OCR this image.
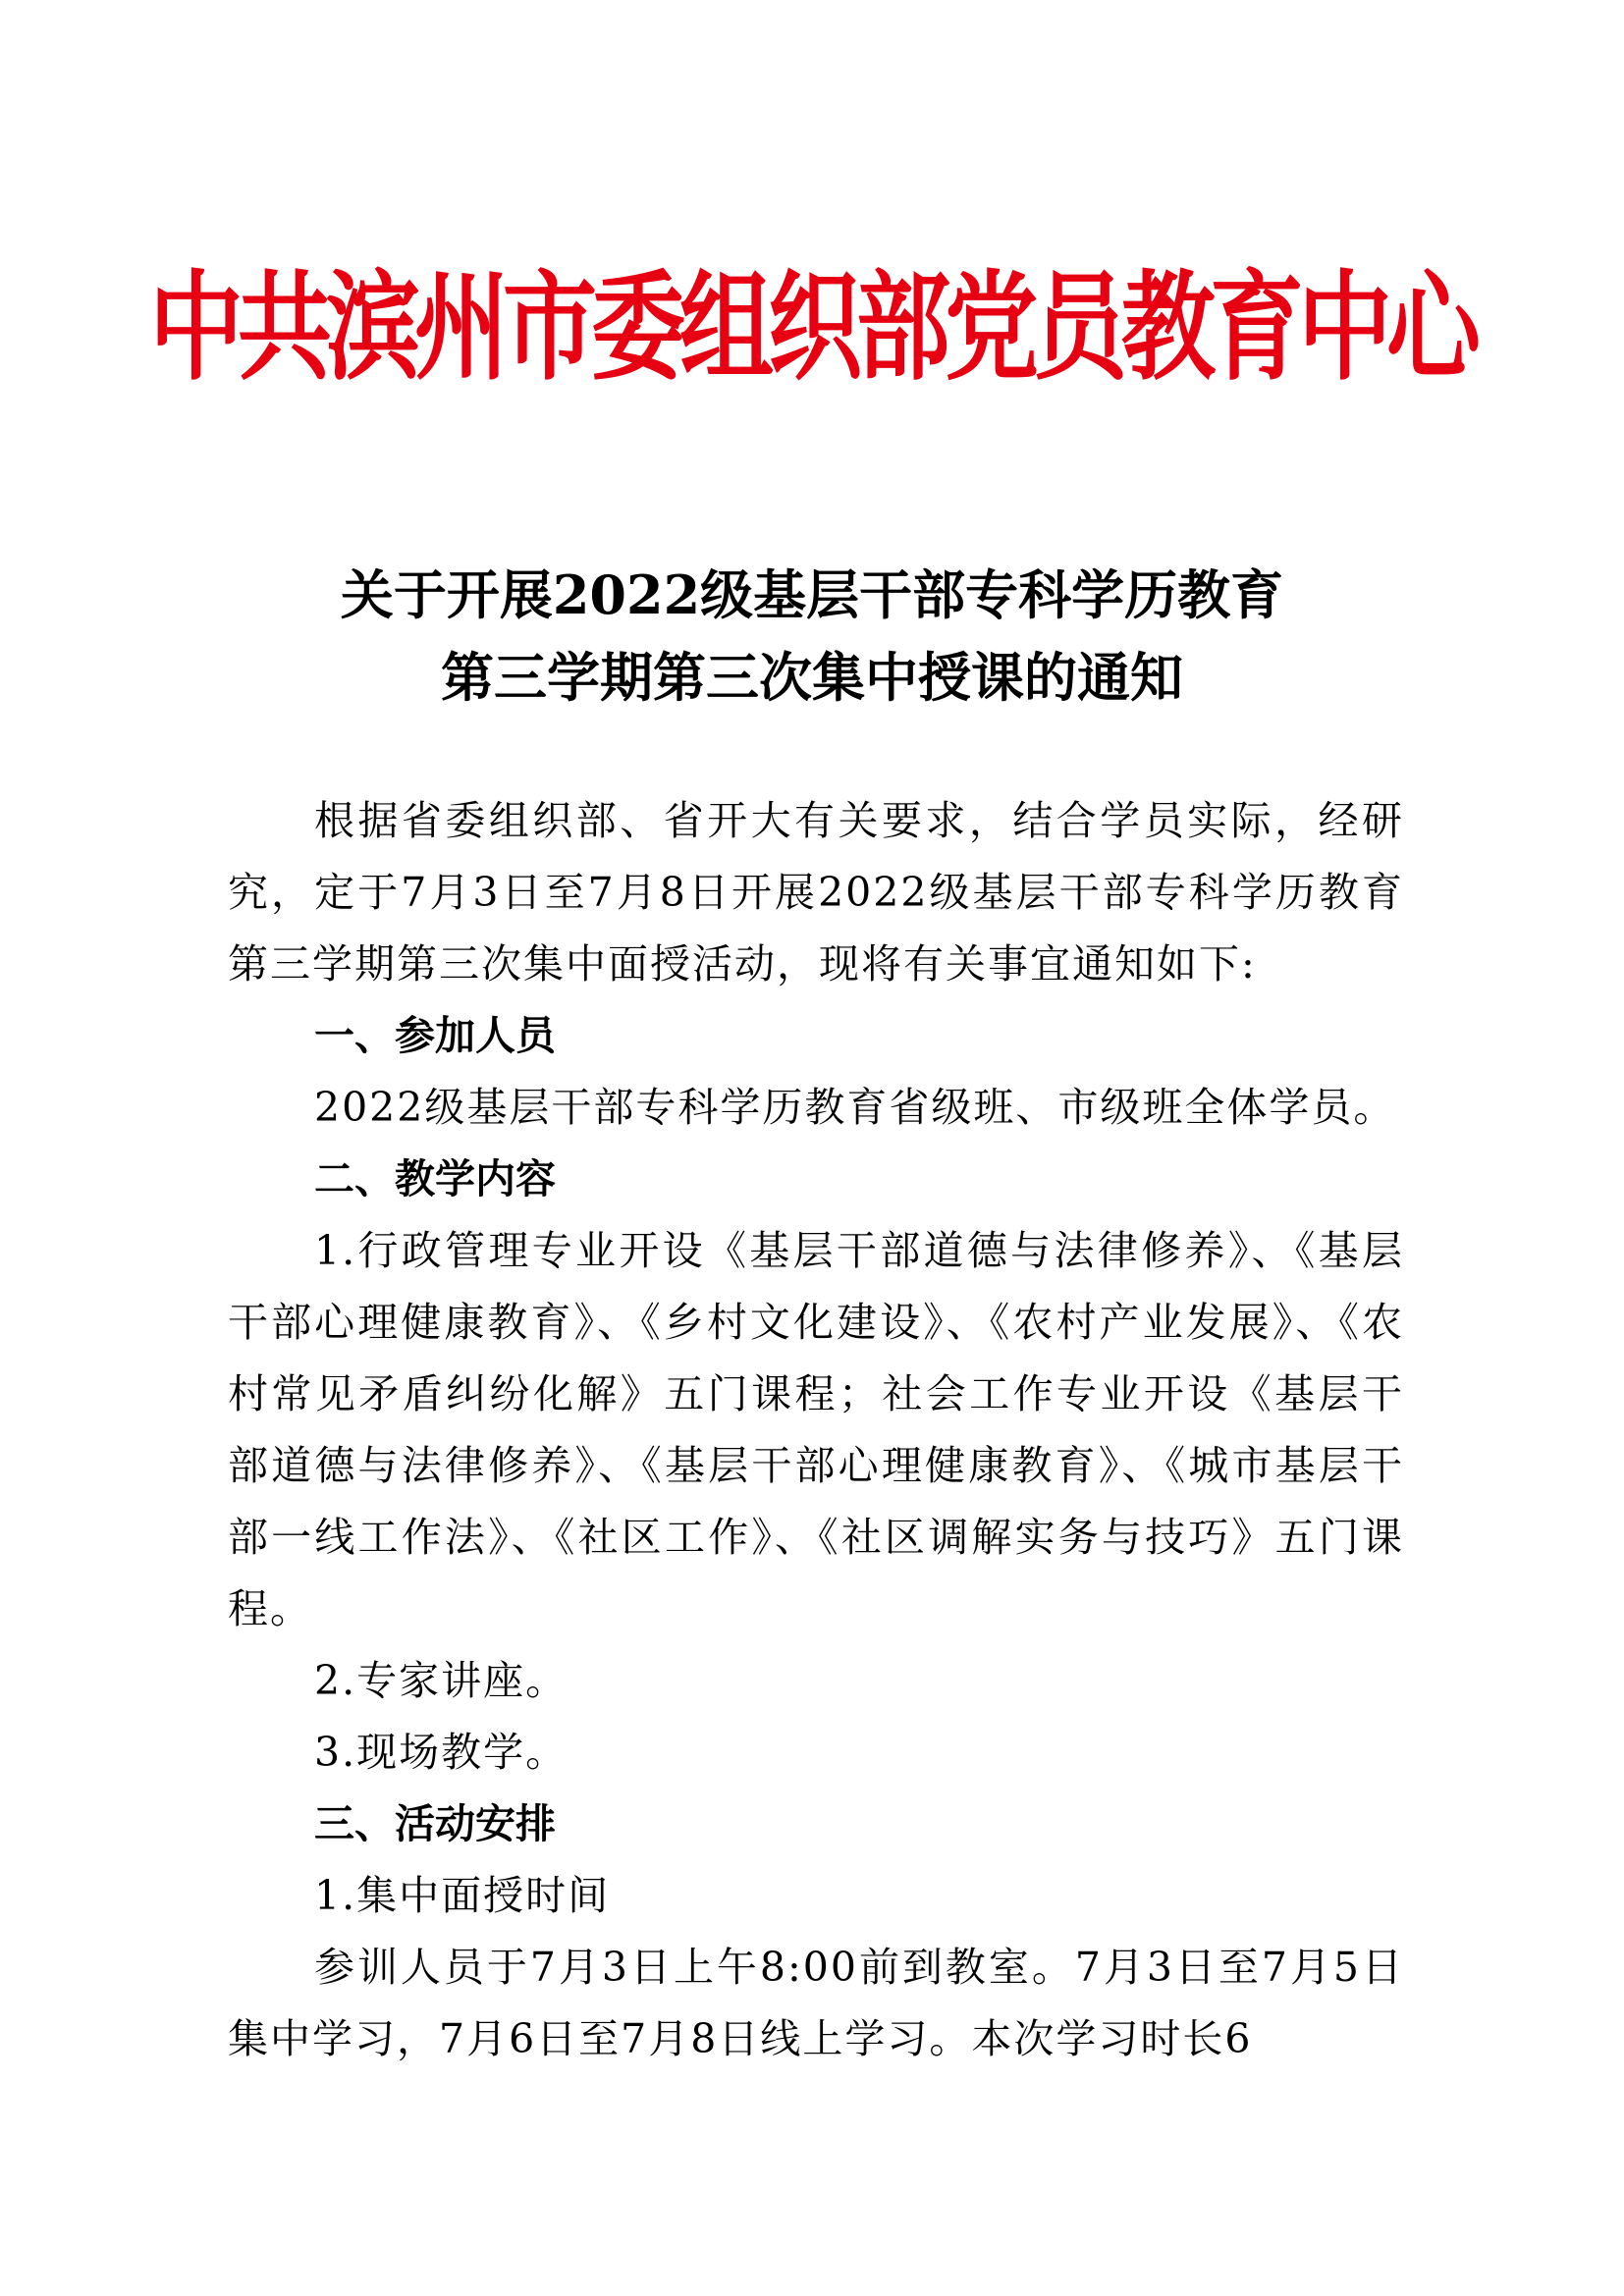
中共滨州市委组织部党员教育中心
关于开展2022级基层干部专科学历教育
第三学期第三次集中授课的通知

根据省委组织部、省开大有关要求，结合学员实际，经研究，定于7月3日至7月8日开展2022级基层干部专科学历教育第三学期第三次集中面授活动，现将有关事宜通知如下:

一、参加人员

2022级基层干部专科学历教育省级班、市级班全体学员。

二、教学内容

1.行政管理专业开设《基层干部道德与法律修养》、《基层干部心理健康教育》、《乡村文化建设》、《农村产业发展》、《农村常见矛盾纠纷化解》五门课程；社会工作专业开设《基层干部道德与法律修养》、《基层干部心理健康教育》、《城市基层干部一线工作法》、《社区工作》、《社区调解实务与技巧》五门课程。

2.专家讲座。

3.现场教学。

三、活动安排

1.集中面授时间

参训人员于7月3日上午8:00前到教室。7月3日至7月5日集中学习，7月6日至7月8日线上学习。本次学习时长6
